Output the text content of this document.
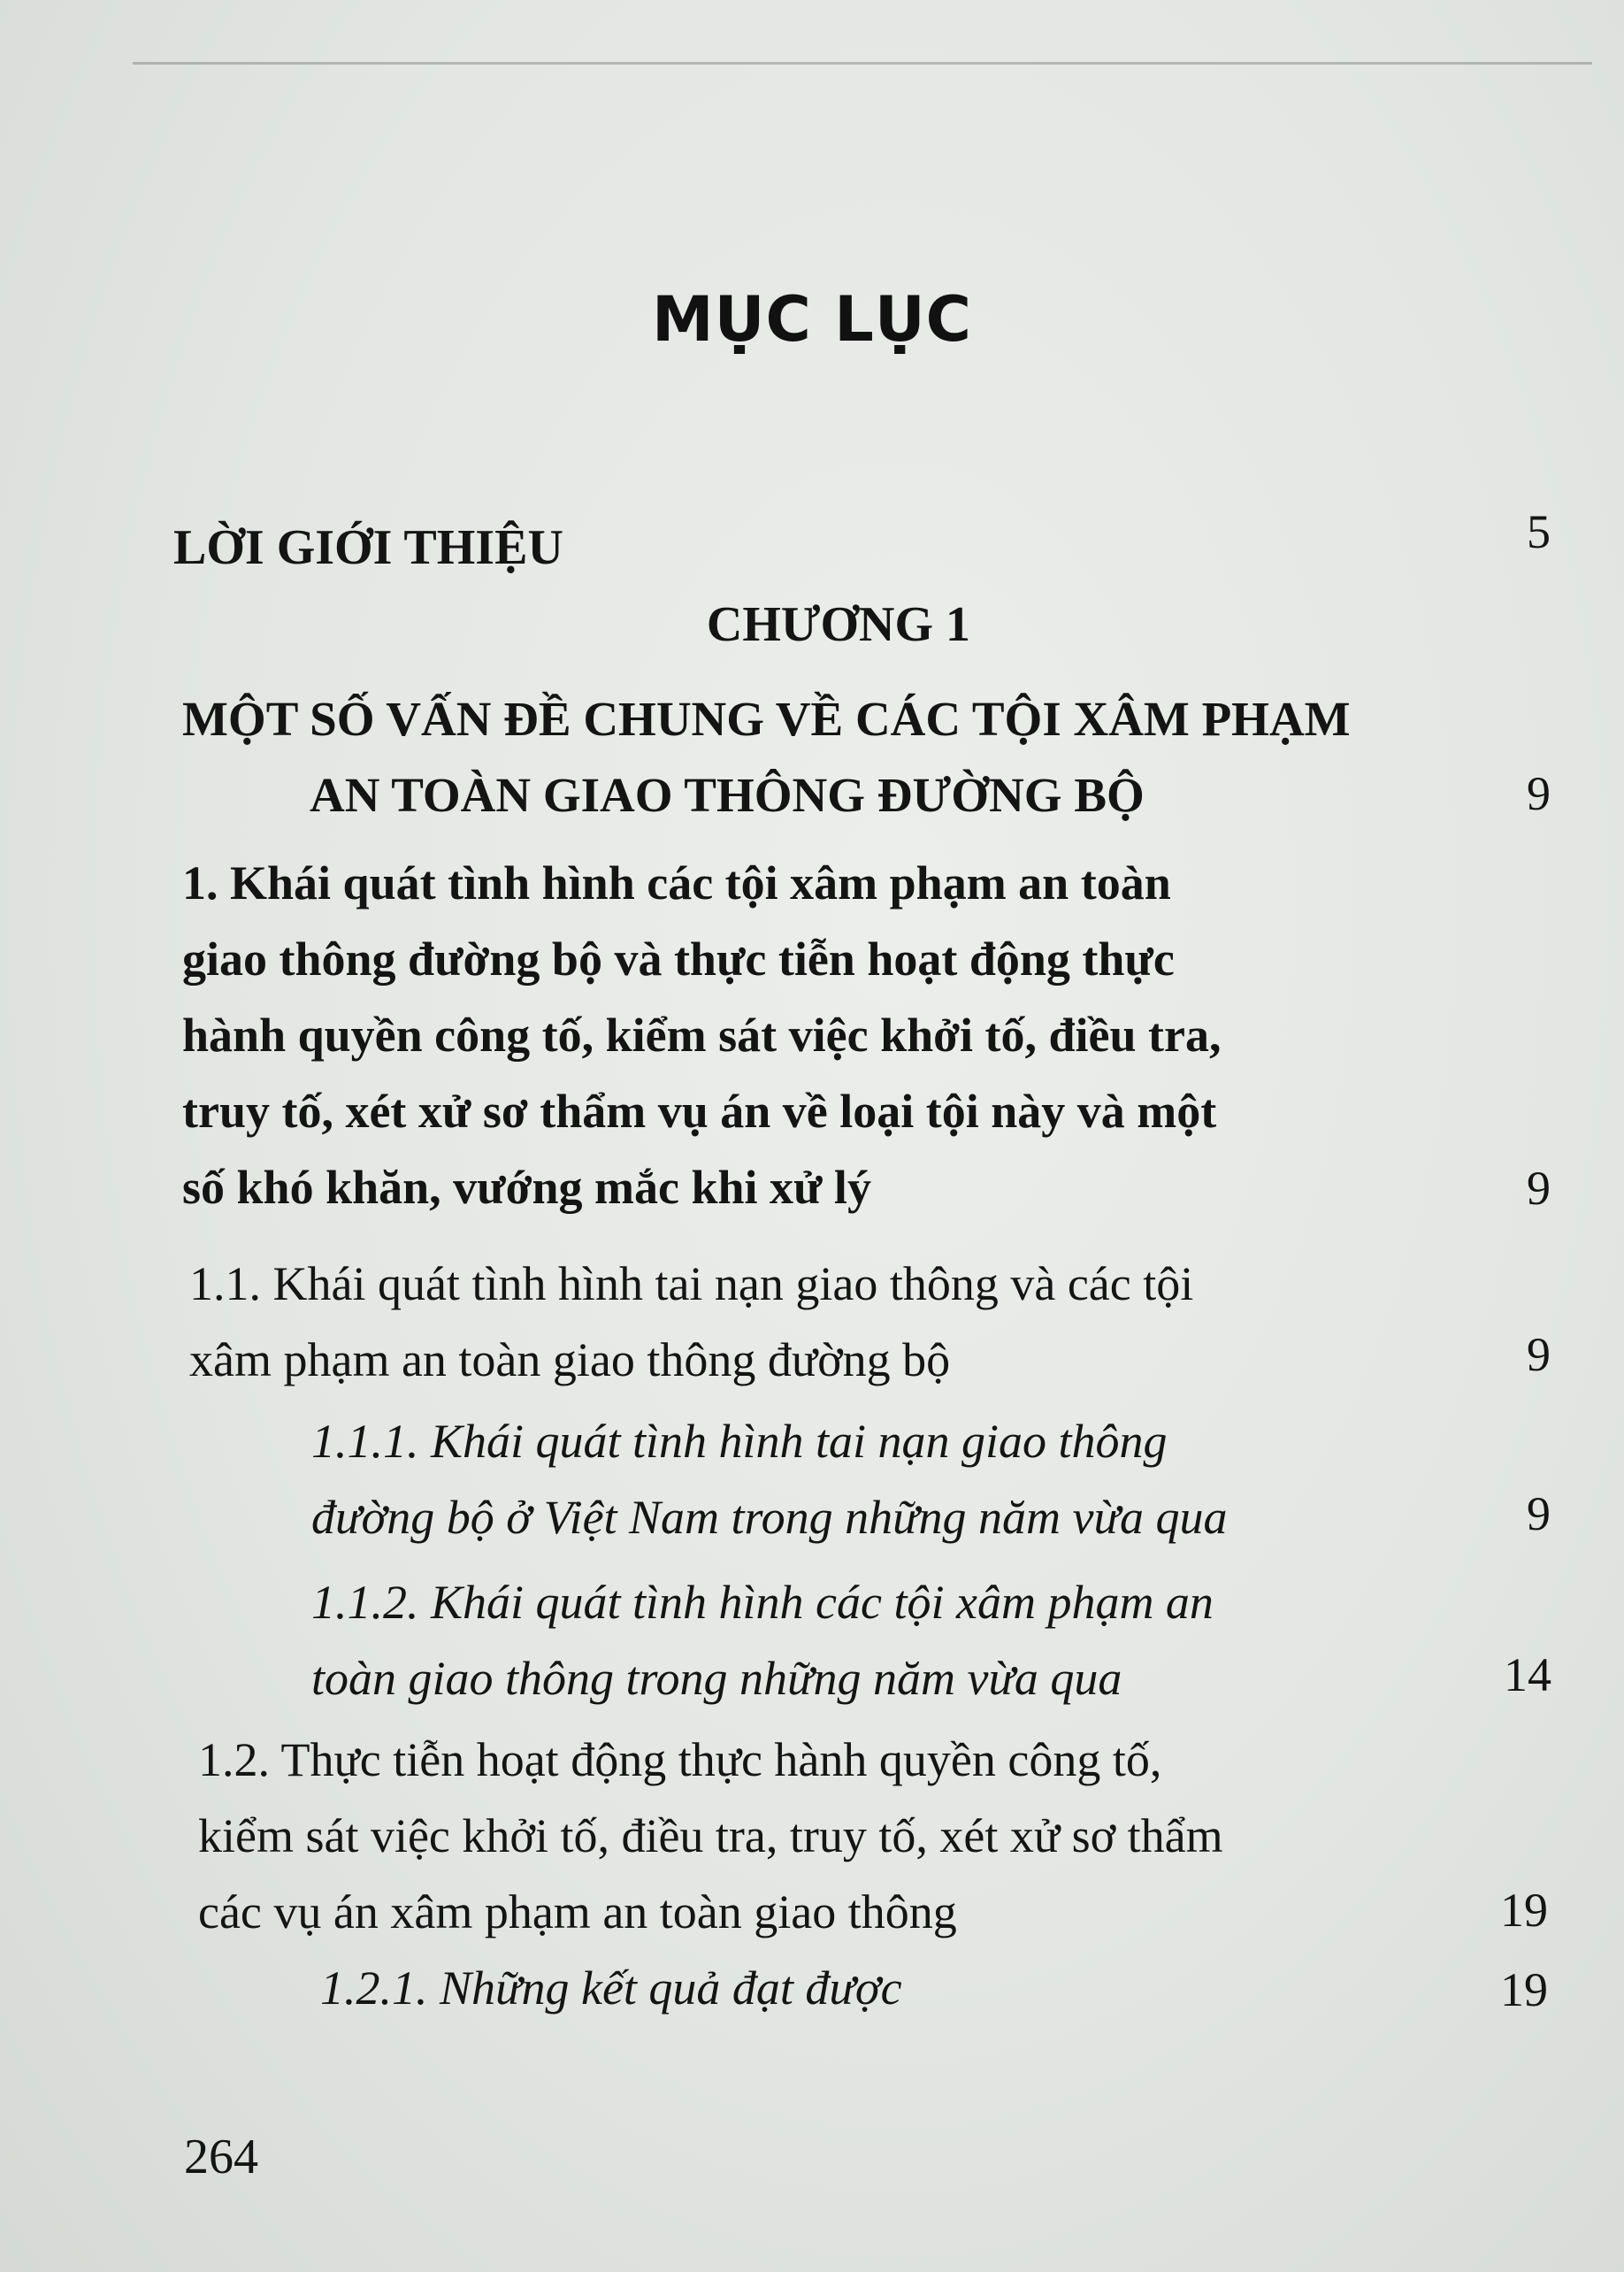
MỤC LỤC
LỜI GIỚI THIỆU	5
CHƯƠNG 1
MỘT SỐ VẤN ĐỀ CHUNG VỀ CÁC TỘI XÂM PHẠM
AN TOÀN GIAO THÔNG ĐƯỜNG BỘ	9
1. Khái quát tình hình các tội xâm phạm an toàn
giao thông đường bộ và thực tiễn hoạt động thực
hành quyền công tố, kiểm sát việc khởi tố, điều tra,
truy tố, xét xử sơ thẩm vụ án về loại tội này và một
số khó khăn, vướng mắc khi xử lý	9
1.1. Khái quát tình hình tai nạn giao thông và các tội
xâm phạm an toàn giao thông đường bộ	9
1.1.1. Khái quát tình hình tai nạn giao thông
đường bộ ở Việt Nam trong những năm vừa qua	9
1.1.2. Khái quát tình hình các tội xâm phạm an
toàn giao thông trong những năm vừa qua	14
1.2. Thực tiễn hoạt động thực hành quyền công tố,
kiểm sát việc khởi tố, điều tra, truy tố, xét xử sơ thẩm
các vụ án xâm phạm an toàn giao thông	19
1.2.1. Những kết quả đạt được	19
264
